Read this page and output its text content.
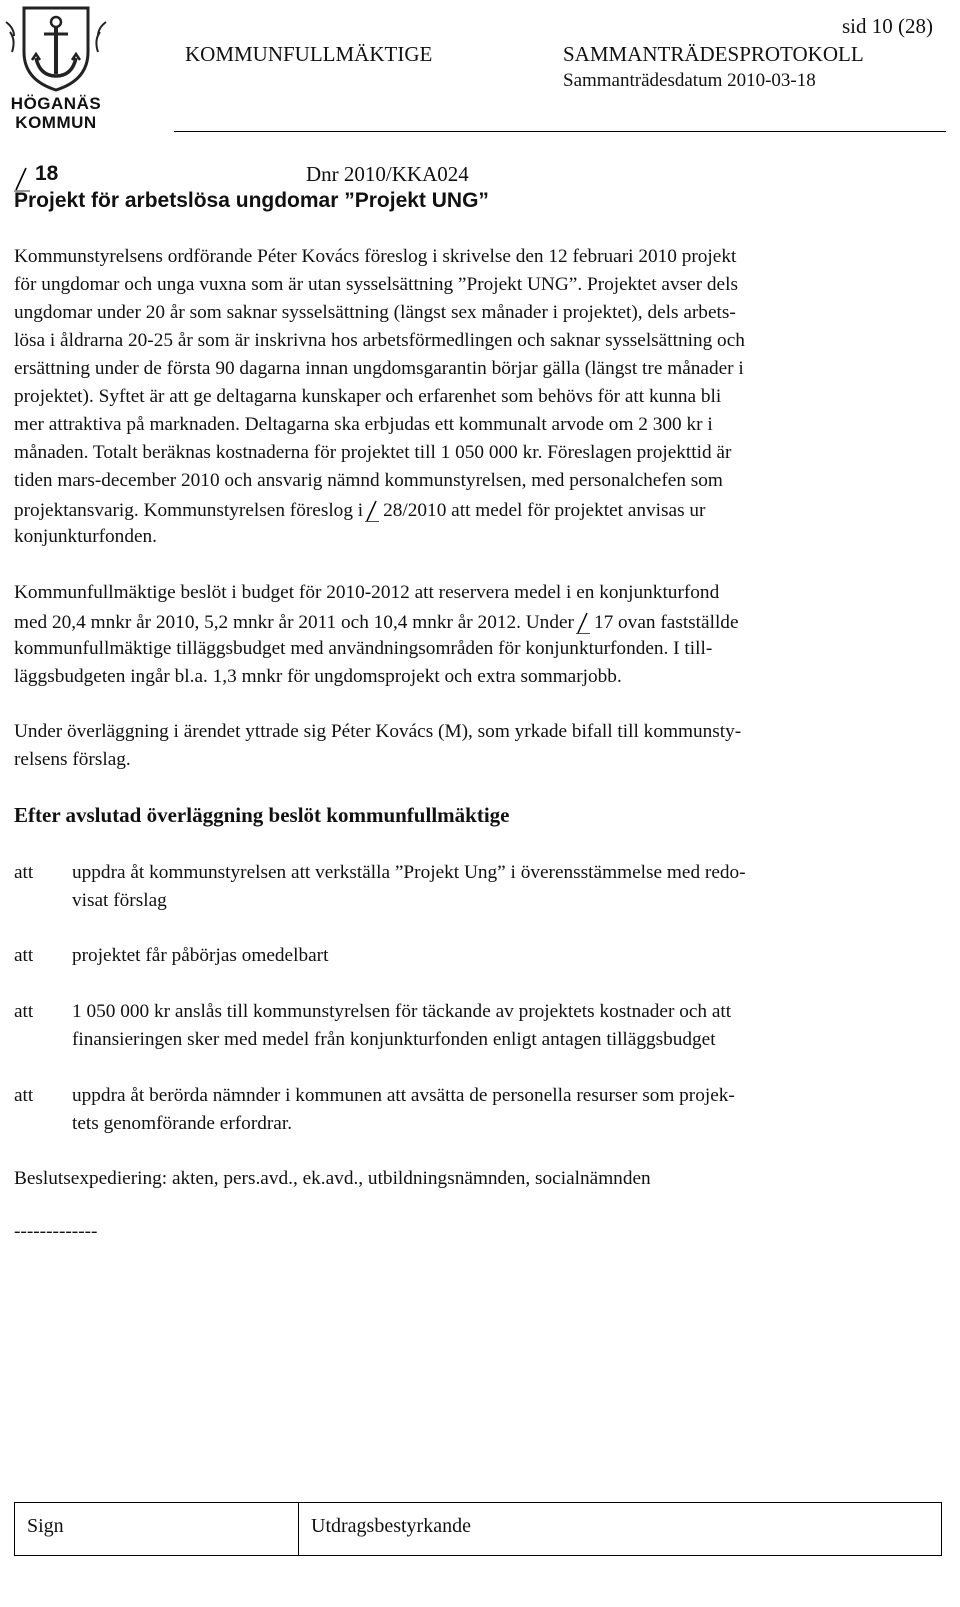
HÖGANÄS
KOMMUN
sid 10 (28)
KOMMUNFULLMÄKTIGE	SAMMANTRÄDESPROTOKOLL
Sammanträdesdatum 2010-03-18
18	Dnr 2010/KKA024
Projekt för arbetslösa ungdomar ”Projekt UNG”
Kommunstyrelsens ordförande Péter Kovács föreslog i skrivelse den 12 februari 2010 projekt
för ungdomar och unga vuxna som är utan sysselsättning ”Projekt UNG”. Projektet avser dels
ungdomar under 20 år som saknar sysselsättning (längst sex månader i projektet), dels arbets-
lösa i åldrarna 20-25 år som är inskrivna hos arbetsförmedlingen och saknar sysselsättning och
ersättning under de första 90 dagarna innan ungdomsgarantin börjar gälla (längst tre månader i
projektet). Syftet är att ge deltagarna kunskaper och erfarenhet som behövs för att kunna bli
mer attraktiva på marknaden. Deltagarna ska erbjudas ett kommunalt arvode om 2 300 kr i
månaden. Totalt beräknas kostnaderna för projektet till 1 050 000 kr. Föreslagen projekttid är
tiden mars-december 2010 och ansvarig nämnd kommunstyrelsen, med personalchefen som
projektansvarig. Kommunstyrelsen föreslog i 28/2010 att medel för projektet anvisas ur
konjunkturfonden.
Kommunfullmäktige beslöt i budget för 2010-2012 att reservera medel i en konjunkturfond
med 20,4 mnkr år 2010, 5,2 mnkr år 2011 och 10,4 mnkr år 2012. Under 17 ovan fastställde
kommunfullmäktige tilläggsbudget med användningsområden för konjunkturfonden. I till-
läggsbudgeten ingår bl.a. 1,3 mnkr för ungdomsprojekt och extra sommarjobb.
Under överläggning i ärendet yttrade sig Péter Kovács (M), som yrkade bifall till kommunsty-
relsens förslag.
Efter avslutad överläggning beslöt kommunfullmäktige
att uppdra åt kommunstyrelsen att verkställa ”Projekt Ung” i överensstämmelse med redo-
visat förslag
att projektet får påbörjas omedelbart
att 1 050 000 kr anslås till kommunstyrelsen för täckande av projektets kostnader och att
finansieringen sker med medel från konjunkturfonden enligt antagen tilläggsbudget
att uppdra åt berörda nämnder i kommunen att avsätta de personella resurser som projek-
tets genomförande erfordrar.
Beslutsexpediering: akten, pers.avd., ek.avd., utbildningsnämnden, socialnämnden
-------------
Sign	Utdragsbestyrkande
